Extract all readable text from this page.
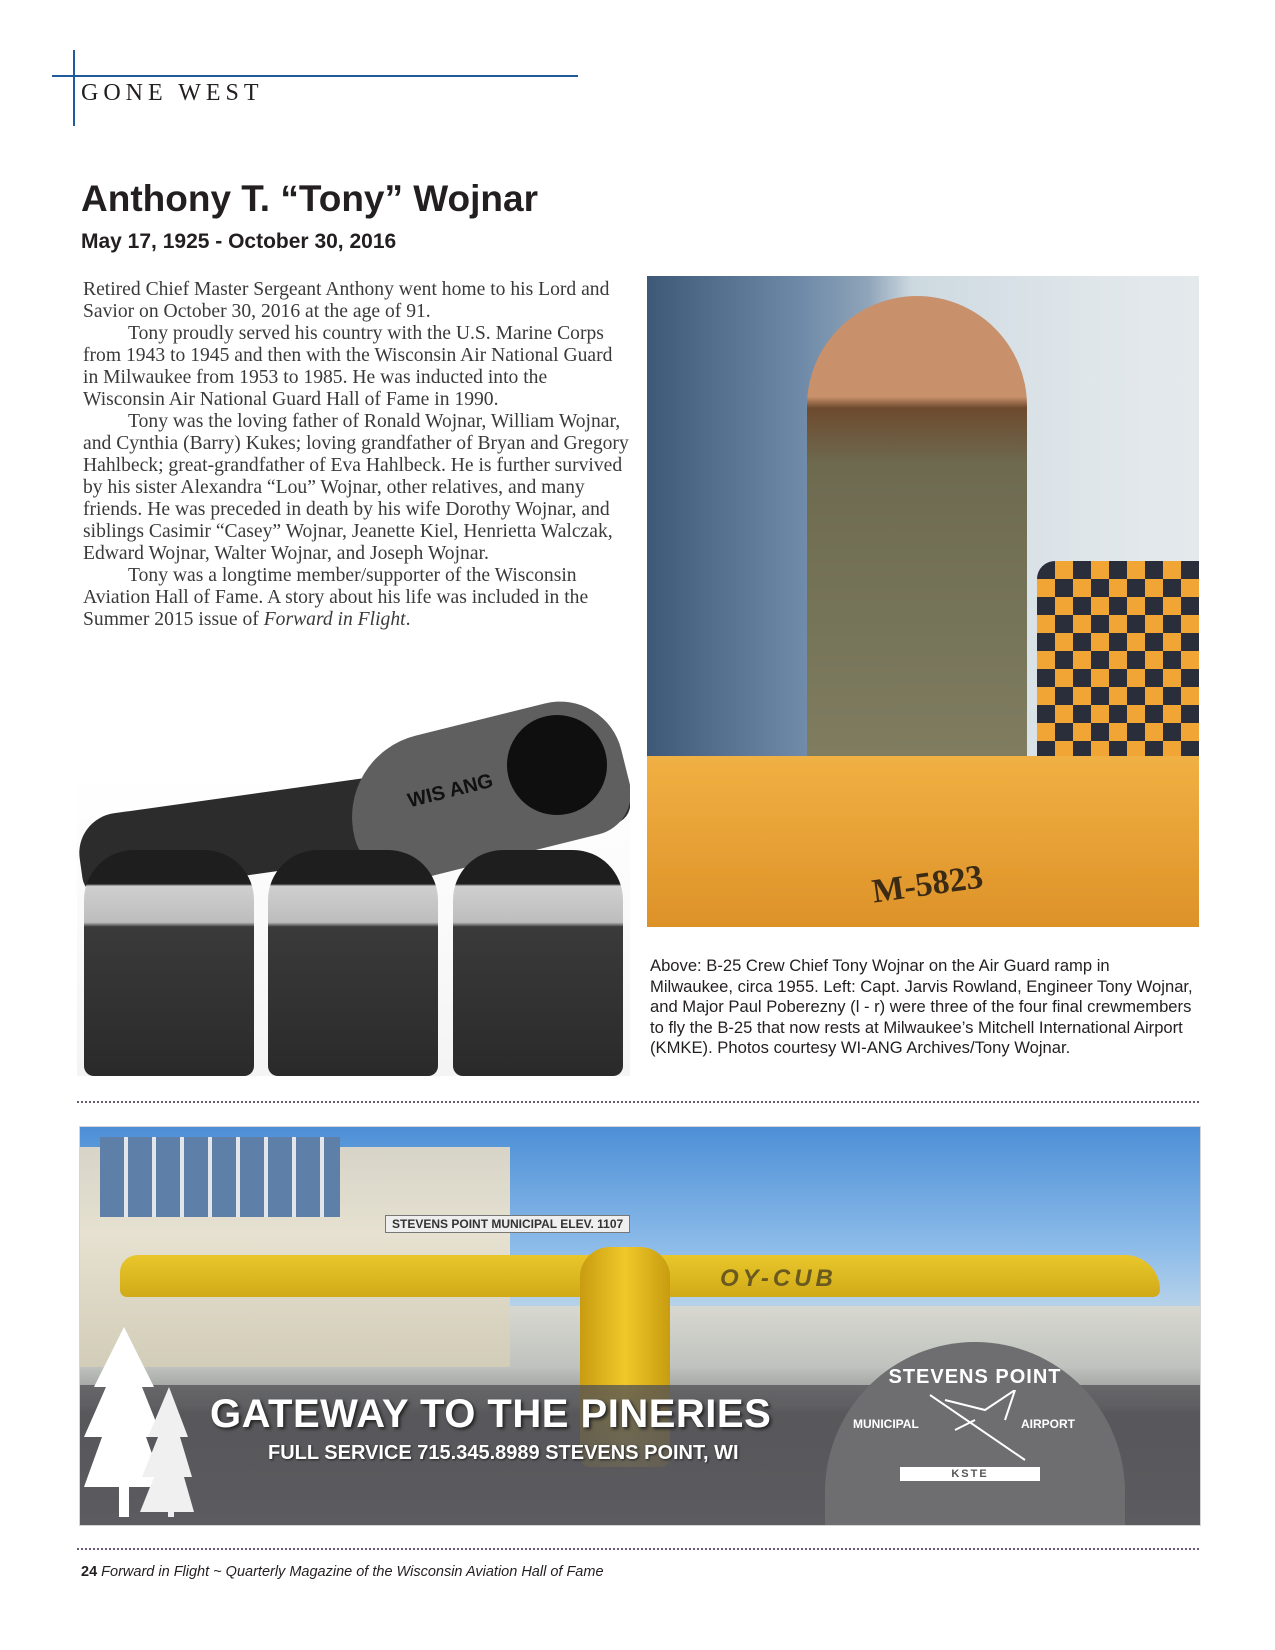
GONE WEST
Anthony T. “Tony” Wojnar
May 17, 1925 - October 30, 2016

Retired Chief Master Sergeant Anthony went home to his Lord and Savior on October 30, 2016 at the age of 91.

Tony proudly served his country with the U.S. Marine Corps from 1943 to 1945 and then with the Wisconsin Air National Guard in Milwaukee from 1953 to 1985. He was inducted into the Wisconsin Air National Guard Hall of Fame in 1990.

Tony was the loving father of Ronald Wojnar, William Wojnar, and Cynthia (Barry) Kukes; loving grandfather of Bryan and Gregory Hahlbeck; great-grandfather of Eva Hahlbeck. He is further survived by his sister Alexandra “Lou” Wojnar, other relatives, and many friends. He was preceded in death by his wife Dorothy Wojnar, and siblings Casimir “Casey” Wojnar, Jeanette Kiel, Henrietta Walczak, Edward Wojnar, Walter Wojnar, and Joseph Wojnar.

Tony was a longtime member/supporter of the Wisconsin Aviation Hall of Fame. A story about his life was included in the Summer 2015 issue of Forward in Flight.

M-5823
WIS ANG
Above: B-25 Crew Chief Tony Wojnar on the Air Guard ramp in Milwaukee, circa 1955. Left: Capt. Jarvis Rowland, Engineer Tony Wojnar, and Major Paul Poberezny (l - r) were three of the four final crewmembers to fly the B-25 that now rests at Milwaukee’s Mitchell International Airport (KMKE). Photos courtesy WI-ANG Archives/Tony Wojnar.
STEVENS POINT MUNICIPAL ELEV. 1107
OY-CUB
GATEWAY TO THE PINERIES
FULL SERVICE 715.345.8989 STEVENS POINT, WI
STEVENS POINT
MUNICIPAL	AIRPORT
KSTE
24 Forward in Flight ~ Quarterly Magazine of the Wisconsin Aviation Hall of Fame
